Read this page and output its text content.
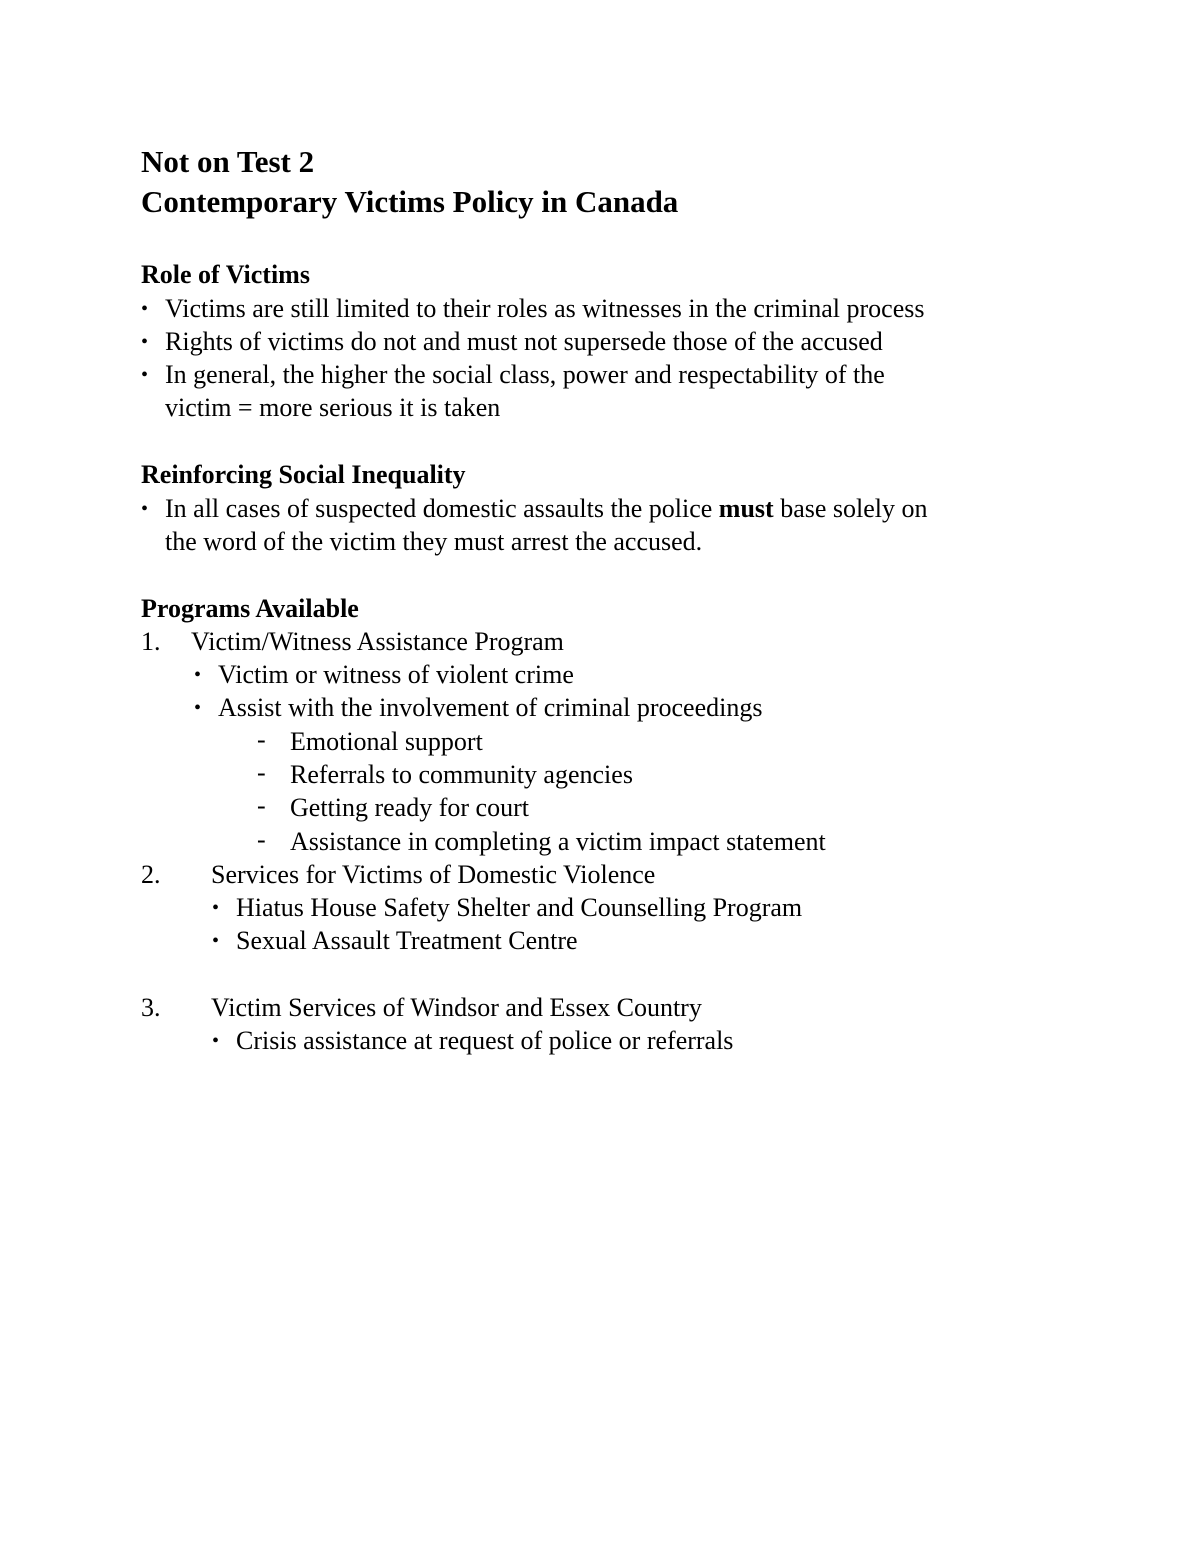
Not on Test 2
Contemporary Victims Policy in Canada
Role of Victims
• Victims are still limited to their roles as witnesses in the criminal process
• Rights of victims do not and must not supersede those of the accused
• In general, the higher the social class, power and respectability of the
victim = more serious it is taken
Reinforcing Social Inequality
• In all cases of suspected domestic assaults the police must base solely on
the word of the victim they must arrest the accused.
Programs Available
1. Victim/Witness Assistance Program
• Victim or witness of violent crime
• Assist with the involvement of criminal proceedings
- Emotional support
- Referrals to community agencies
- Getting ready for court
- Assistance in completing a victim impact statement
2. Services for Victims of Domestic Violence
• Hiatus House Safety Shelter and Counselling Program
• Sexual Assault Treatment Centre
3. Victim Services of Windsor and Essex Country
• Crisis assistance at request of police or referrals
